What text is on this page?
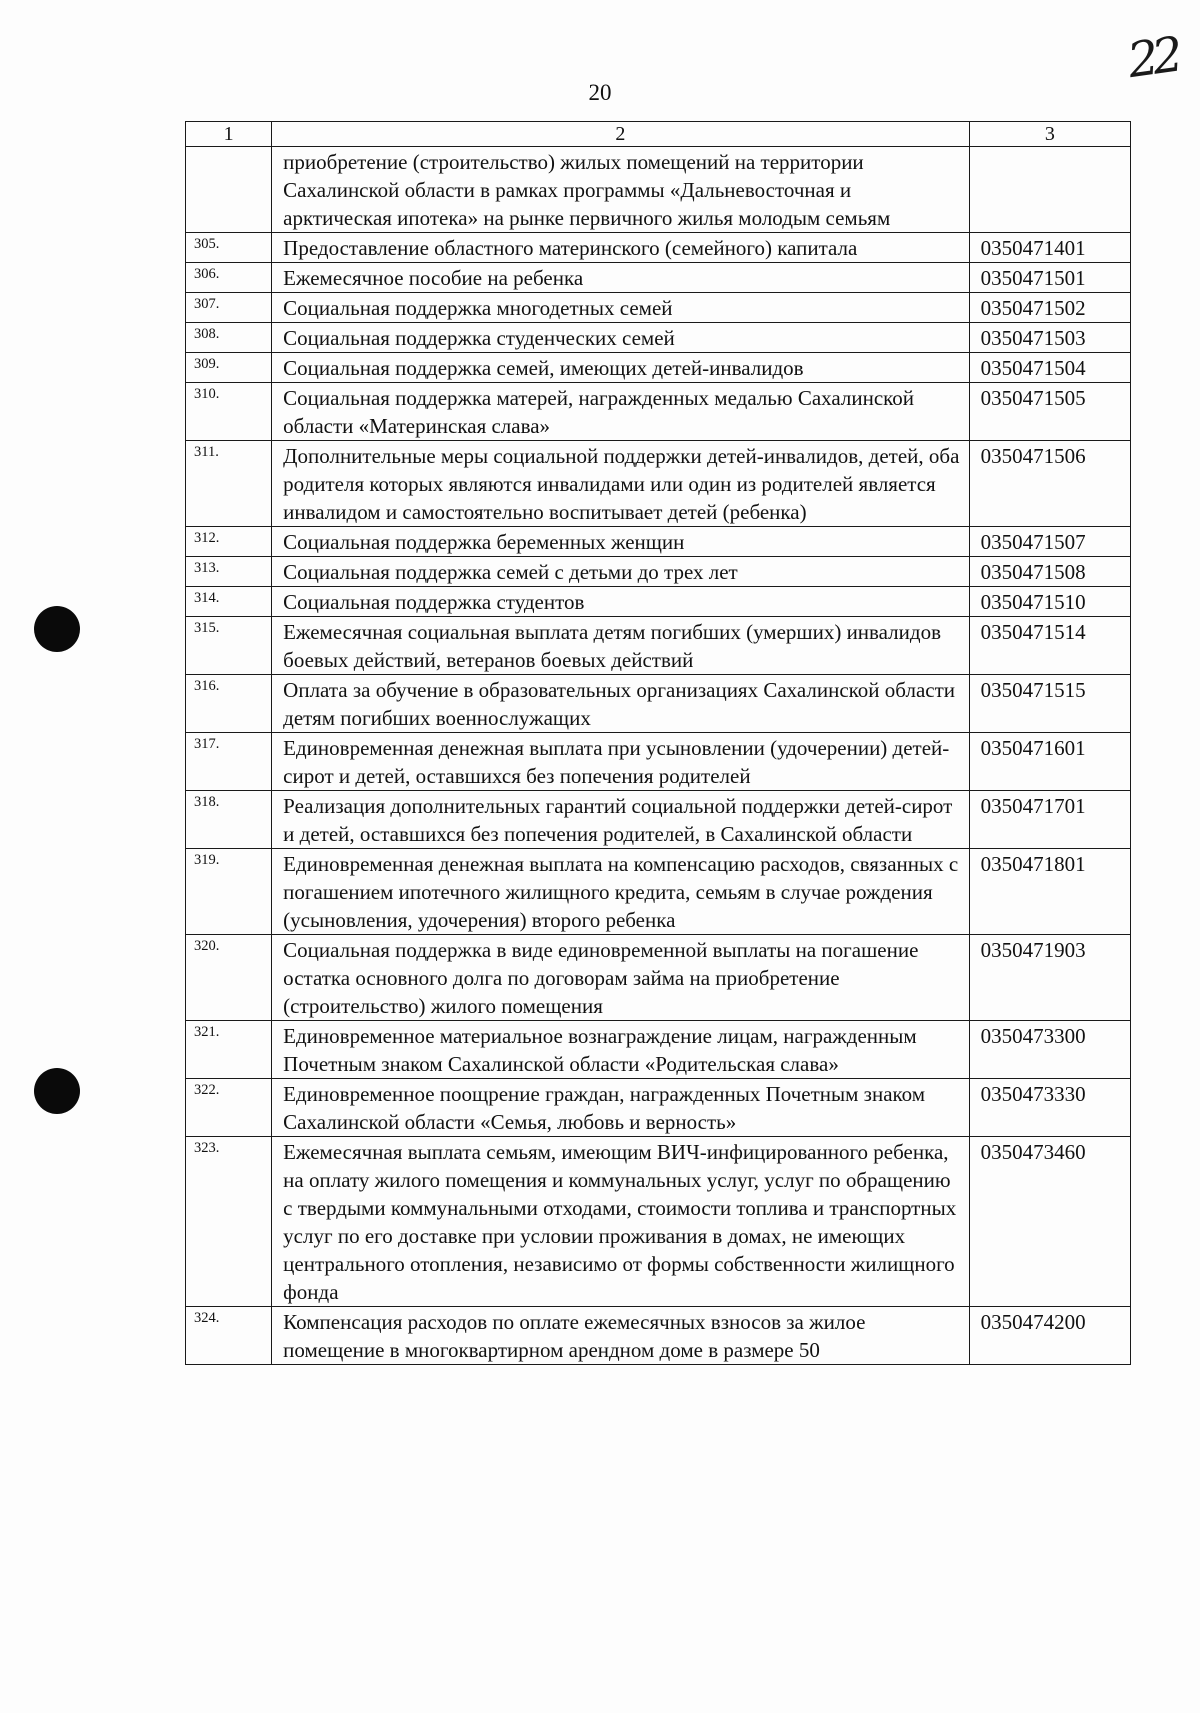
20
22
1	2	3
	приобретение (строительство) жилых помещений на территории Сахалинской области в рамках программы «Дальневосточная и арктическая ипотека» на рынке первичного жилья молодым семьям	
305.	Предоставление областного материнского (семейного) капитала	0350471401
306.	Ежемесячное пособие на ребенка	0350471501
307.	Социальная поддержка многодетных семей	0350471502
308.	Социальная поддержка студенческих семей	0350471503
309.	Социальная поддержка семей, имеющих детей-инвалидов	0350471504
310.	Социальная поддержка матерей, награжденных медалью Сахалинской области «Материнская слава»	0350471505
311.	Дополнительные меры социальной поддержки детей-инвалидов, детей, оба родителя которых являются инвалидами или один из родителей является инвалидом и самостоятельно воспитывает детей (ребенка)	0350471506
312.	Социальная поддержка беременных женщин	0350471507
313.	Социальная поддержка семей с детьми до трех лет	0350471508
314.	Социальная поддержка студентов	0350471510
315.	Ежемесячная социальная выплата детям погибших (умерших) инвалидов боевых действий, ветеранов боевых действий	0350471514
316.	Оплата за обучение в образовательных организациях Сахалинской области детям погибших военнослужащих	0350471515
317.	Единовременная денежная выплата при усыновлении (удочерении) детей-сирот и детей, оставшихся без попечения родителей	0350471601
318.	Реализация дополнительных гарантий социальной поддержки детей-сирот и детей, оставшихся без попечения родителей, в Сахалинской области	0350471701
319.	Единовременная денежная выплата на компенсацию расходов, связанных с погашением ипотечного жилищного кредита, семьям в случае рождения (усыновления, удочерения) второго ребенка	0350471801
320.	Социальная поддержка в виде единовременной выплаты на погашение остатка основного долга по договорам займа на приобретение (строительство) жилого помещения	0350471903
321.	Единовременное материальное вознаграждение лицам, награжденным Почетным знаком Сахалинской области «Родительская слава»	0350473300
322.	Единовременное поощрение граждан, награжденных Почетным знаком Сахалинской области «Семья, любовь и верность»	0350473330
323.	Ежемесячная выплата семьям, имеющим ВИЧ-инфицированного ребенка, на оплату жилого помещения и коммунальных услуг, услуг по обращению с твердыми коммунальными отходами, стоимости топлива и транспортных услуг по его доставке при условии проживания в домах, не имеющих центрального отопления, независимо от формы собственности жилищного фонда	0350473460
324.	Компенсация расходов по оплате ежемесячных взносов за жилое помещение в многоквартирном арендном доме в размере 50	0350474200
